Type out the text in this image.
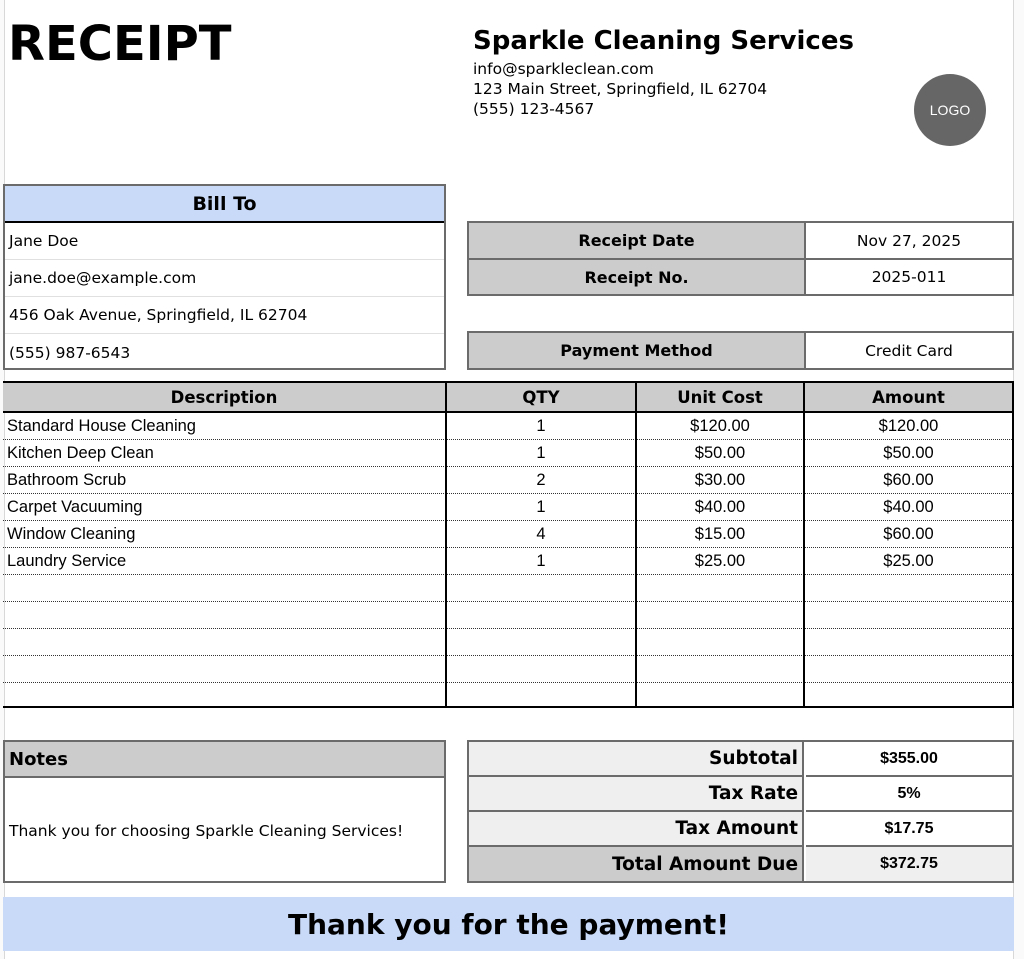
RECEIPT	Sparkle Cleaning Services
info@sparkleclean.com
123 Main Street, Springfield, IL 62704
(555) 123-4567	LOGO
Bill To
Jane Doe
jane.doe@example.com
456 Oak Avenue, Springfield, IL 62704
(555) 987-6543
Receipt Date	Nov 27, 2025
Receipt No.	2025-011
Payment Method	Credit Card
Description	QTY	Unit Cost	Amount
Standard House Cleaning	1	$120.00	$120.00
Kitchen Deep Clean	1	$50.00	$50.00
Bathroom Scrub	2	$30.00	$60.00
Carpet Vacuuming	1	$40.00	$40.00
Window Cleaning	4	$15.00	$60.00
Laundry Service	1	$25.00	$25.00
Notes
Thank you for choosing Sparkle Cleaning Services!
Subtotal	$355.00
Tax Rate	5%
Tax Amount	$17.75
Total Amount Due	$372.75
Thank you for the payment!
